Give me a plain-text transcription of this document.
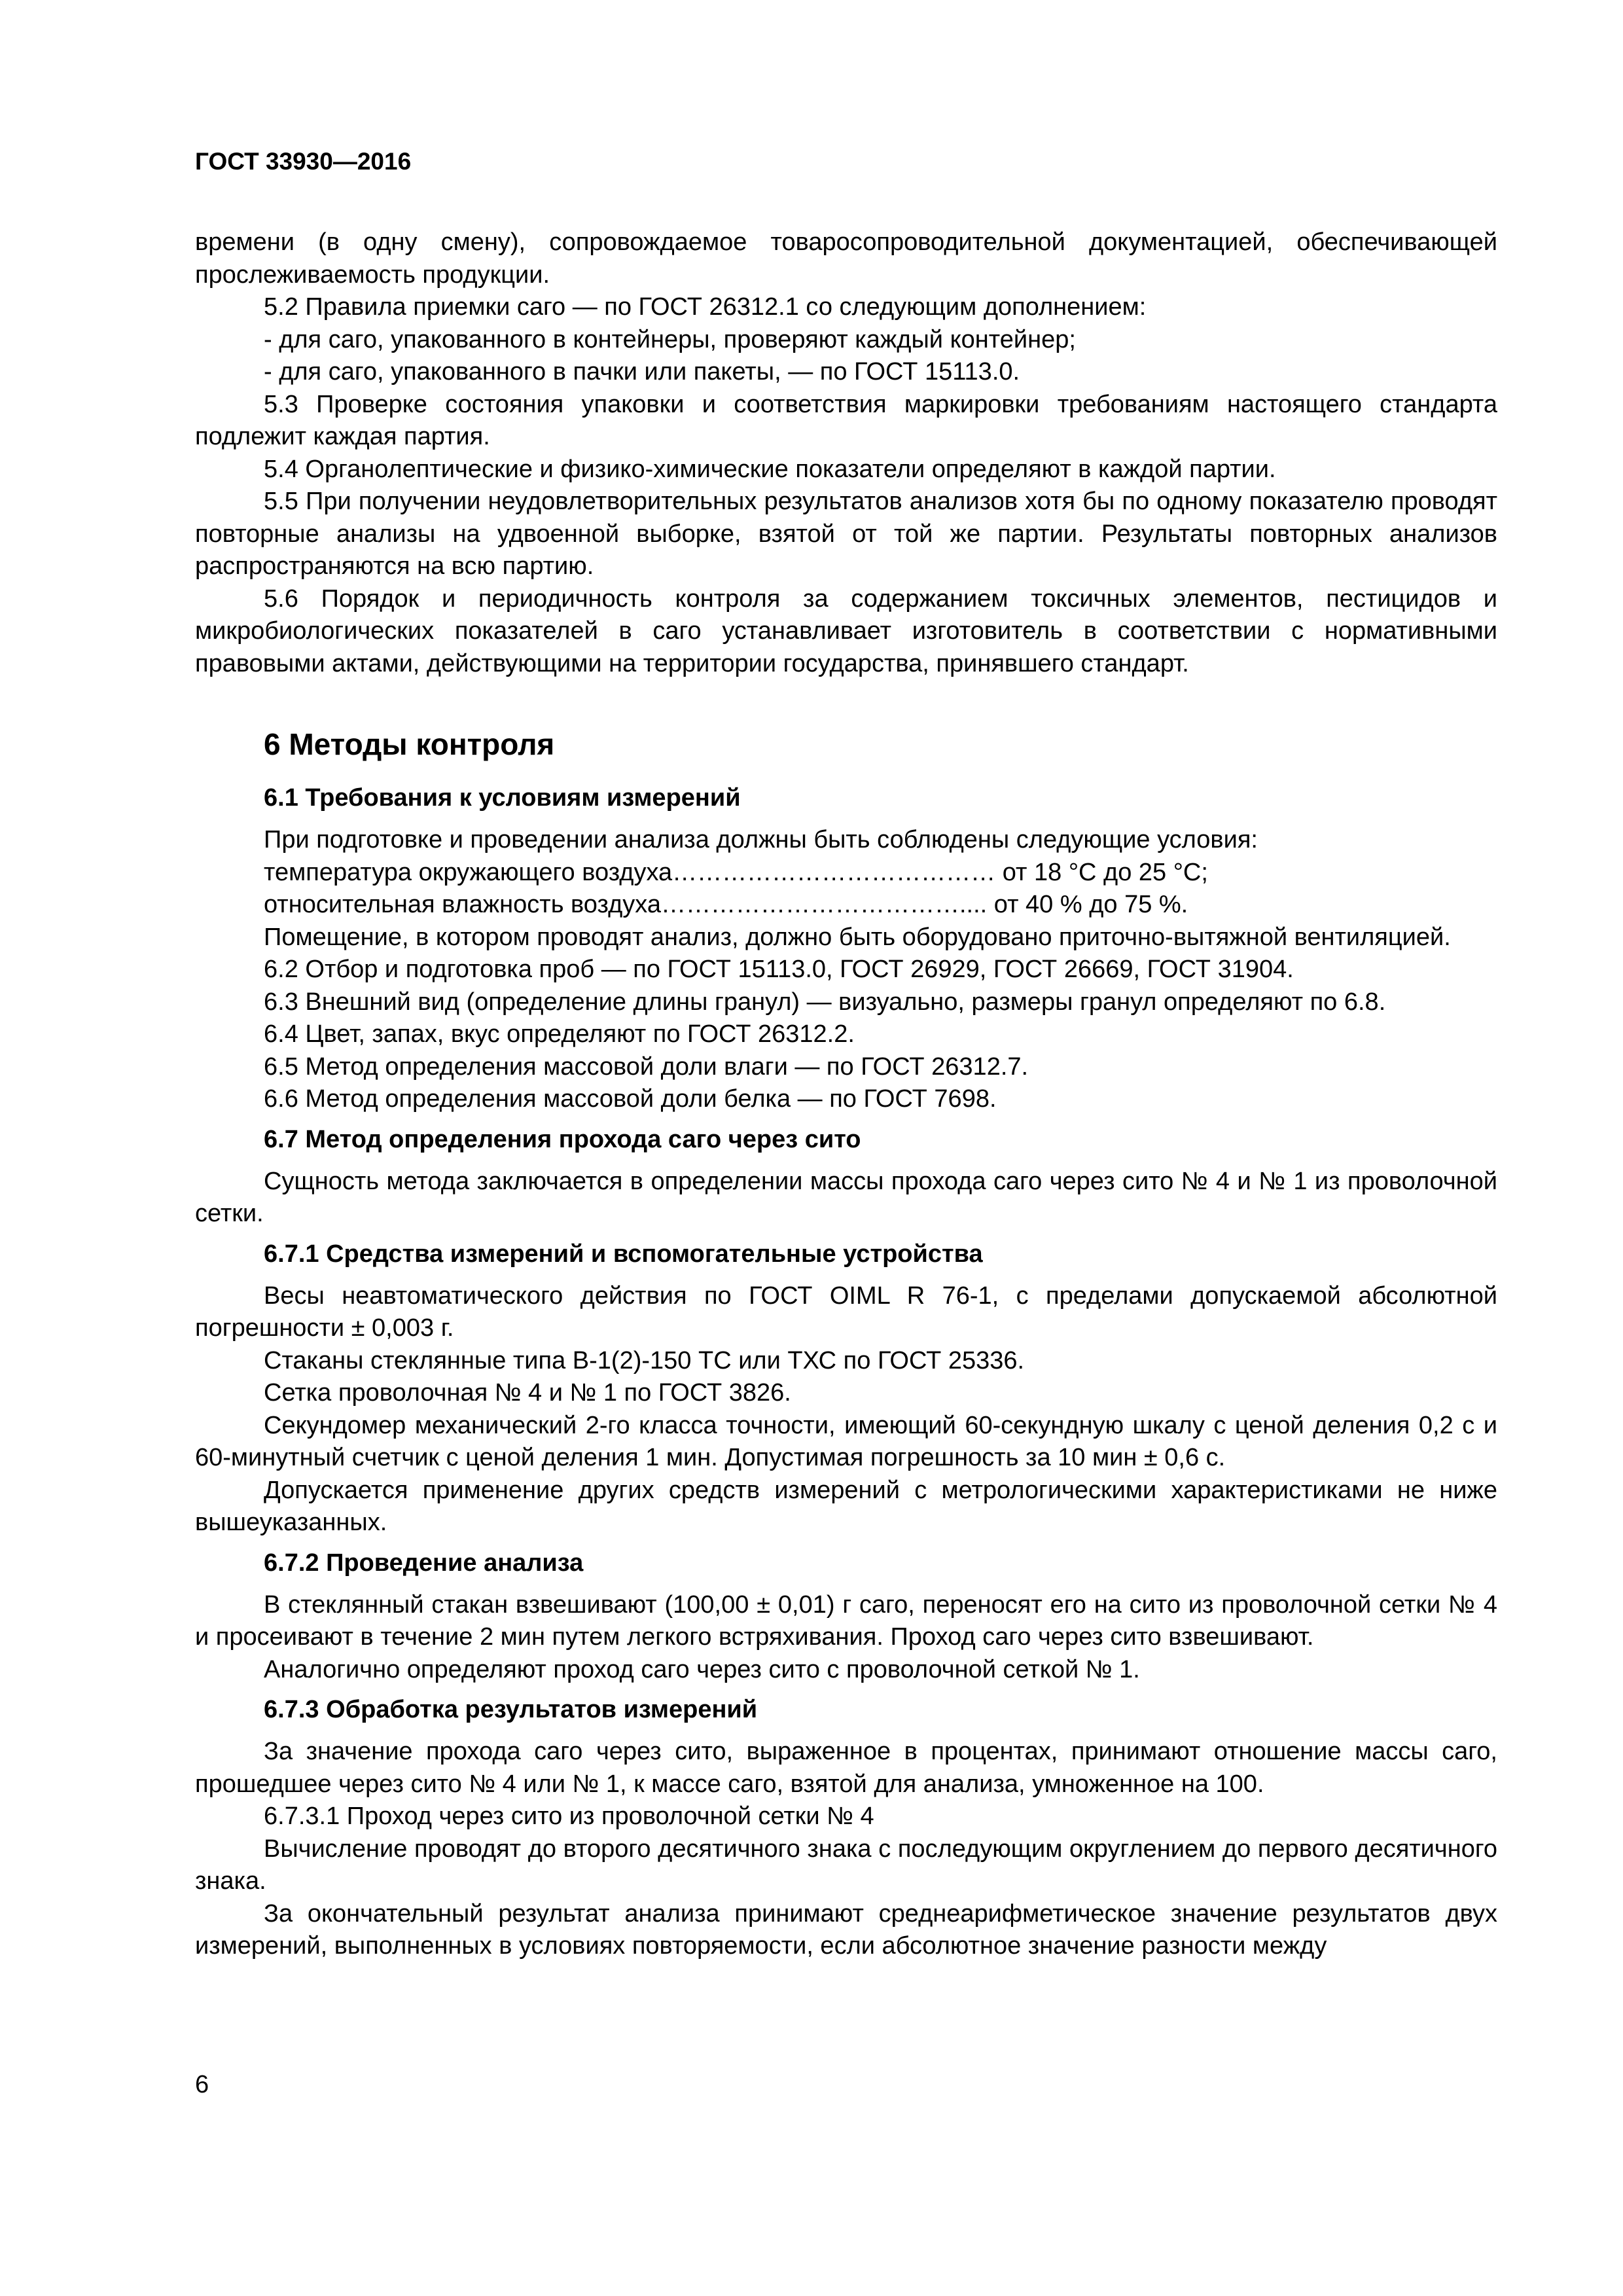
ГОСТ 33930—2016

времени (в одну смену), сопровождаемое товаросопроводительной документацией, обеспечивающей прослеживаемость продукции.

5.2 Правила приемки саго — по ГОСТ 26312.1 со следующим дополнением:

- для саго, упакованного в контейнеры, проверяют каждый контейнер;

- для саго, упакованного в пачки или пакеты, — по ГОСТ 15113.0.

5.3 Проверке состояния упаковки и соответствия маркировки требованиям настоящего стандарта подлежит каждая партия.

5.4 Органолептические и физико-химические показатели определяют в каждой партии.

5.5 При получении неудовлетворительных результатов анализов хотя бы по одному показателю проводят повторные анализы на удвоенной выборке, взятой от той же партии. Результаты повторных анализов распространяются на всю партию.

5.6 Порядок и периодичность контроля за содержанием токсичных элементов, пестицидов и микробиологических показателей в саго устанавливает изготовитель в соответствии с нормативными правовыми актами, действующими на территории государства, принявшего стандарт.

6 Методы контроля

6.1 Требования к условиям измерений

При подготовке и проведении анализа должны быть соблюдены следующие условия:

температура окружающего воздуха………………………………… от 18 °С до 25 °С;

относительная влажность воздуха……………………………….... от 40 % до 75 %.

Помещение, в котором проводят анализ, должно быть оборудовано приточно-вытяжной вентиляцией.

6.2 Отбор и подготовка проб — по ГОСТ 15113.0, ГОСТ 26929, ГОСТ 26669, ГОСТ 31904.

6.3 Внешний вид (определение длины гранул) — визуально, размеры гранул определяют по 6.8.

6.4 Цвет, запах, вкус определяют по ГОСТ 26312.2.

6.5 Метод определения массовой доли влаги — по ГОСТ 26312.7.

6.6 Метод определения массовой доли белка — по ГОСТ 7698.

6.7 Метод определения прохода саго через сито

Сущность метода заключается в определении массы прохода саго через сито № 4 и № 1 из проволочной сетки.

6.7.1 Средства измерений и вспомогательные устройства

Весы неавтоматического действия по ГОСТ OIML R 76-1, с пределами допускаемой абсолютной погрешности ± 0,003 г.

Стаканы стеклянные типа В-1(2)-150 ТС или ТХС по ГОСТ 25336.

Сетка проволочная № 4 и № 1 по ГОСТ 3826.

Секундомер механический 2-го класса точности, имеющий 60-секундную шкалу с ценой деления 0,2 с и 60-минутный счетчик с ценой деления 1 мин. Допустимая погрешность за 10 мин ± 0,6 с.

Допускается применение других средств измерений с метрологическими характеристиками не ниже вышеуказанных.

6.7.2 Проведение анализа

В стеклянный стакан взвешивают (100,00 ± 0,01) г саго, переносят его на сито из проволочной сетки № 4 и просеивают в течение 2 мин путем легкого встряхивания. Проход саго через сито взвешивают.

Аналогично определяют проход саго через сито с проволочной сеткой № 1.

6.7.3 Обработка результатов измерений

За значение прохода саго через сито, выраженное в процентах, принимают отношение массы саго, прошедшее через сито № 4 или № 1, к массе саго, взятой для анализа, умноженное на 100.

6.7.3.1 Проход через сито из проволочной сетки № 4

Вычисление проводят до второго десятичного знака с последующим округлением до первого десятичного знака.

За окончательный результат анализа принимают среднеарифметическое значение результатов двух измерений, выполненных в условиях повторяемости, если абсолютное значение разности между

6
